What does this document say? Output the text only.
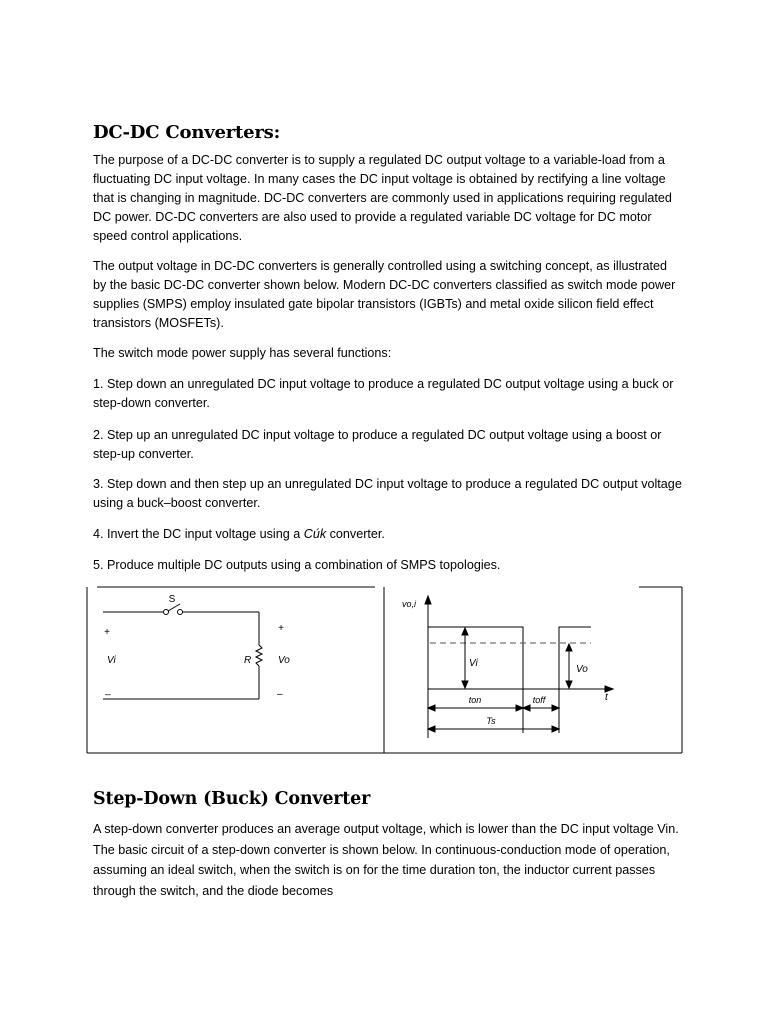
DC-DC Converters:
The purpose of a DC-DC converter is to supply a regulated DC output voltage to a variable-load from a fluctuating DC input voltage. In many cases the DC input voltage is obtained by rectifying a line voltage that is changing in magnitude. DC-DC converters are commonly used in applications requiring regulated DC power. DC-DC converters are also used to provide a regulated variable DC voltage for DC motor speed control applications.
The output voltage in DC-DC converters is generally controlled using a switching concept, as illustrated by the basic DC-DC converter shown below. Modern DC-DC converters classified as switch mode power supplies (SMPS) employ insulated gate bipolar transistors (IGBTs) and metal oxide silicon field effect transistors (MOSFETs).
The switch mode power supply has several functions:
1. Step down an unregulated DC input voltage to produce a regulated DC output voltage using a buck or step-down converter.
2. Step up an unregulated DC input voltage to produce a regulated DC output voltage using a boost or step-up converter.
3. Step down and then step up an unregulated DC input voltage to produce a regulated DC output voltage using a buck–boost converter.
4. Invert the DC input voltage using a Cúk converter.
5. Produce multiple DC outputs using a combination of SMPS topologies.
S
+	+
Vi	R	Vo
_	–
vo,i
t
Vi
Vo
ton	toff
Ts
Step-Down (Buck) Converter
A step-down converter produces an average output voltage, which is lower than the DC input voltage Vin. The basic circuit of a step-down converter is shown below. In continuous-conduction mode of operation, assuming an ideal switch, when the switch is on for the time duration ton, the inductor current passes through the switch, and the diode becomes
